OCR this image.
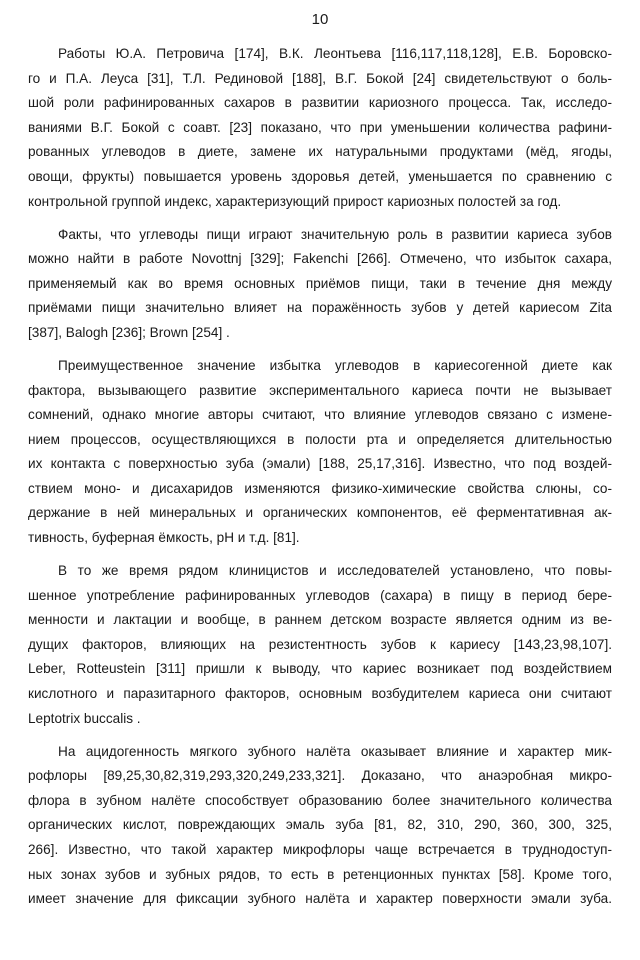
10
Работы Ю.А. Петровича [174], В.К. Леонтьева [116,117,118,128], Е.В. Боровско-
го и П.А. Леуса [31], Т.Л. Рединовой [188], В.Г. Бокой [24] свидетельствуют о боль-
шой роли рафинированных сахаров в развитии кариозного процесса. Так, исследо-
ваниями В.Г. Бокой с соавт. [23] показано, что при уменьшении количества рафини-
рованных углеводов в диете, замене их натуральными продуктами (мёд, ягоды,
овощи, фрукты) повышается уровень здоровья детей, уменьшается по сравнению с
контрольной группой индекс, характеризующий прирост кариозных полостей за год.
Факты, что углеводы пищи играют значительную роль в развитии кариеса зубов
можно найти в работе Novottnj [329]; Fakenchi [266]. Отмечено, что избыток сахара,
применяемый как во время основных приёмов пищи, таки в течение дня между
приёмами пищи значительно влияет на поражённость зубов у детей кариесом Zita
[387], Balogh [236]; Brown [254] .
Преимущественное значение избытка углеводов в кариесогенной диете как
фактора, вызывающего развитие экспериментального кариеса почти не вызывает
сомнений, однако многие авторы считают, что влияние углеводов связано с измене-
нием процессов, осуществляющихся в полости рта и определяется длительностью
их контакта с поверхностью зуба (эмали) [188, 25,17,316]. Известно, что под воздей-
ствием моно- и дисахаридов изменяются физико-химические свойства слюны, со-
держание в ней минеральных и органических компонентов, её ферментативная ак-
тивность, буферная ёмкость, pH и т.д. [81].
В то же время рядом клиницистов и исследователей установлено, что повы-
шенное употребление рафинированных углеводов (сахара) в пищу в период бере-
менности и лактации и вообще, в раннем детском возрасте является одним из ве-
дущих факторов, влияющих на резистентность зубов к кариесу [143,23,98,107].
Leber, Rotteustein [311] пришли к выводу, что кариес возникает под воздействием
кислотного и паразитарного факторов, основным возбудителем кариеса они считают
Leptotrix buccalis .
На ацидогенность мягкого зубного налёта оказывает влияние и характер мик-
рофлоры [89,25,30,82,319,293,320,249,233,321]. Доказано, что анаэробная микро-
флора в зубном налёте способствует образованию более значительного количества
органических кислот, повреждающих эмаль зуба [81, 82, 310, 290, 360, 300, 325,
266]. Известно, что такой характер микрофлоры чаще встречается в труднодоступ-
ных зонах зубов и зубных рядов, то есть в ретенционных пунктах [58]. Кроме того,
имеет значение для фиксации зубного налёта и характер поверхности эмали зуба.
